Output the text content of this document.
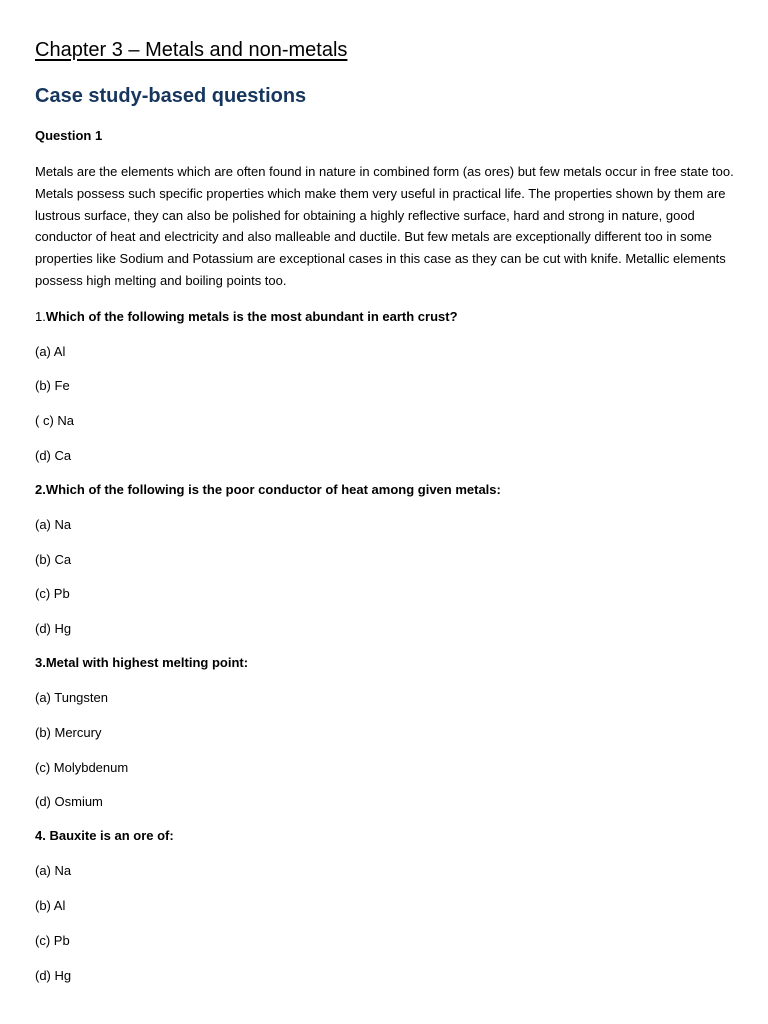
Chapter 3 – Metals and non-metals
Case study-based questions
Question 1

Metals are the elements which are often found in nature in combined form (as ores) but few metals occur in free state too. Metals possess such specific properties which make them very useful in practical life. The properties shown by them are lustrous surface, they can also be polished for obtaining a highly reflective surface, hard and strong in nature, good conductor of heat and electricity and also malleable and ductile. But few metals are exceptionally different too in some properties like Sodium and Potassium are exceptional cases in this case as they can be cut with knife. Metallic elements possess high melting and boiling points too.

1.Which of the following metals is the most abundant in earth crust?
(a) Al
(b) Fe
( c) Na
(d) Ca
2.Which of the following is the poor conductor of heat among given metals:
(a) Na
(b) Ca
(c) Pb
(d) Hg
3.Metal with highest melting point:
(a) Tungsten
(b) Mercury
(c) Molybdenum
(d) Osmium
4. Bauxite is an ore of:
(a) Na
(b) Al
(c) Pb
(d) Hg
